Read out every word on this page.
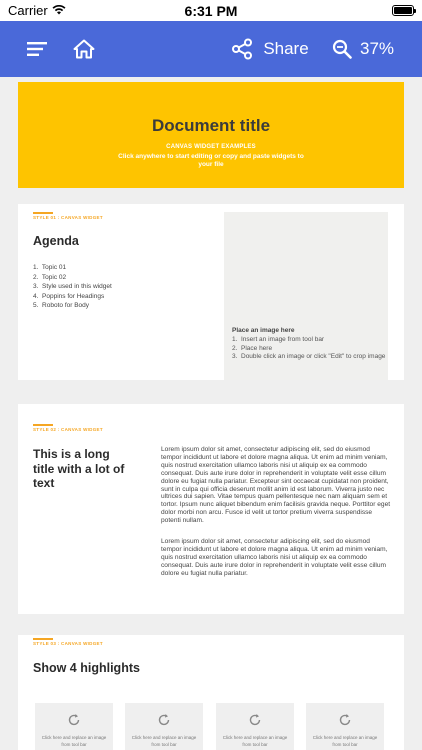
Carrier	6:31 PM
Share	37%
Document title
CANVAS WIDGET EXAMPLES
Click anywhere to start editing or copy and paste widgets to your file
STYLE 01 : CANVAS WIDGET
Agenda
1.  Topic 01
2.  Topic 02
3.  Style used in this widget
4.  Poppins for Headings
5.  Roboto for Body
Place an image here
1. Insert an image from tool bar
2. Place here
3. Double click an image or click "Edit" to crop image
STYLE 02 : CANVAS WIDGET
This is a long title with a lot of text
Lorem ipsum dolor sit amet, consectetur adipiscing elit, sed do eiusmod tempor incididunt ut labore et dolore magna aliqua. Ut enim ad minim veniam, quis nostrud exercitation ullamco laboris nisi ut aliquip ex ea commodo consequat. Duis aute irure dolor in reprehenderit in voluptate velit esse cillum dolore eu fugiat nulla pariatur. Excepteur sint occaecat cupidatat non proident, sunt in culpa qui officia deserunt mollit anim id est laborum. Viverra justo nec ultrices dui sapien. Vitae tempus quam pellentesque nec nam aliquam sem et tortor. Ipsum nunc aliquet bibendum enim facilisis gravida neque. Porttitor eget dolor morbi non arcu. Fusce id velit ut tortor pretium viverra suspendisse potenti nullam.
Lorem ipsum dolor sit amet, consectetur adipiscing elit, sed do eiusmod tempor incididunt ut labore et dolore magna aliqua. Ut enim ad minim veniam, quis nostrud exercitation ullamco laboris nisi ut aliquip ex ea commodo consequat. Duis aute irure dolor in reprehenderit in voluptate velit esse cillum dolore eu fugiat nulla pariatur.
STYLE 03 : CANVAS WIDGET
Show 4 highlights
Click here and replace an image from tool bar
Click here and replace an image from tool bar
Click here and replace an image from tool bar
Click here and replace an image from tool bar
